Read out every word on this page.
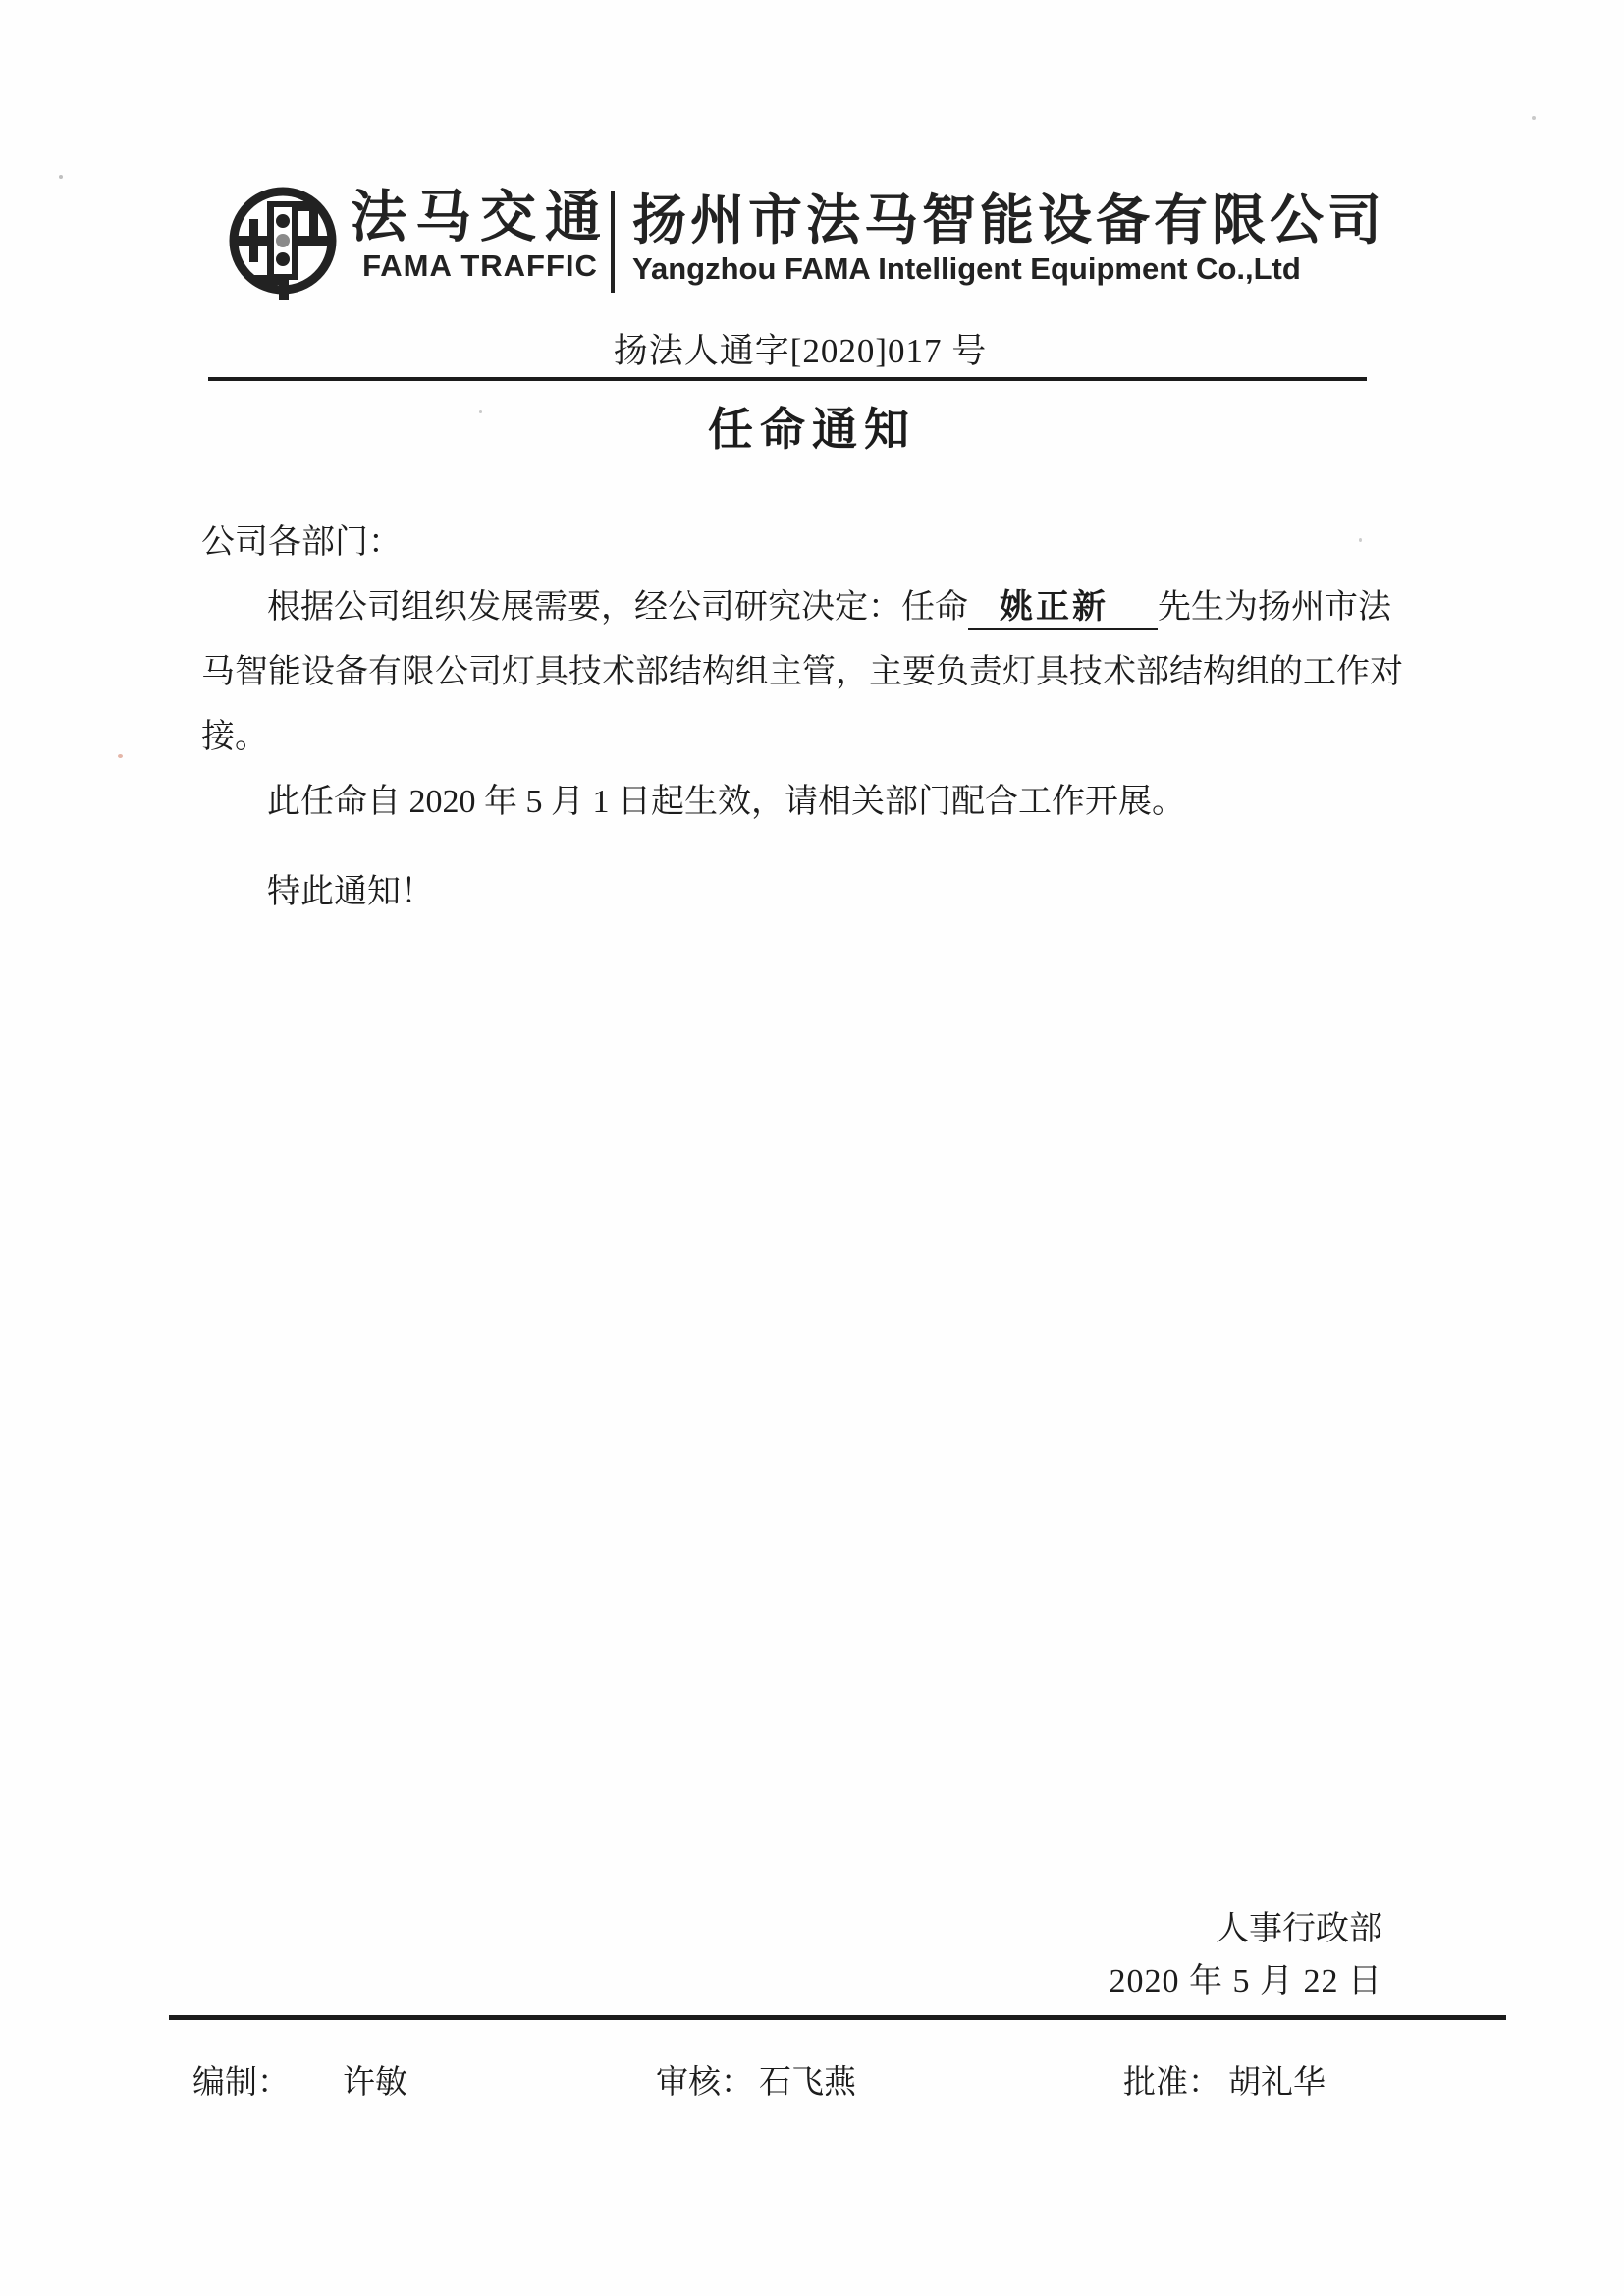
法马交通
FAMA TRAFFIC
扬州市法马智能设备有限公司
Yangzhou FAMA Intelligent Equipment Co.,Ltd
扬法人通字[2020]017 号
任命通知
公司各部门：
根据公司组织发展需要，经公司研究决定：任命 姚正新 先生为扬州市法
马智能设备有限公司灯具技术部结构组主管，主要负责灯具技术部结构组的工作对
接。
此任命自 2020 年 5 月 1 日起生效，请相关部门配合工作开展。
特此通知！
人事行政部
2020 年 5 月 22 日
编制： 许敏	审核： 石飞燕	批准： 胡礼华
